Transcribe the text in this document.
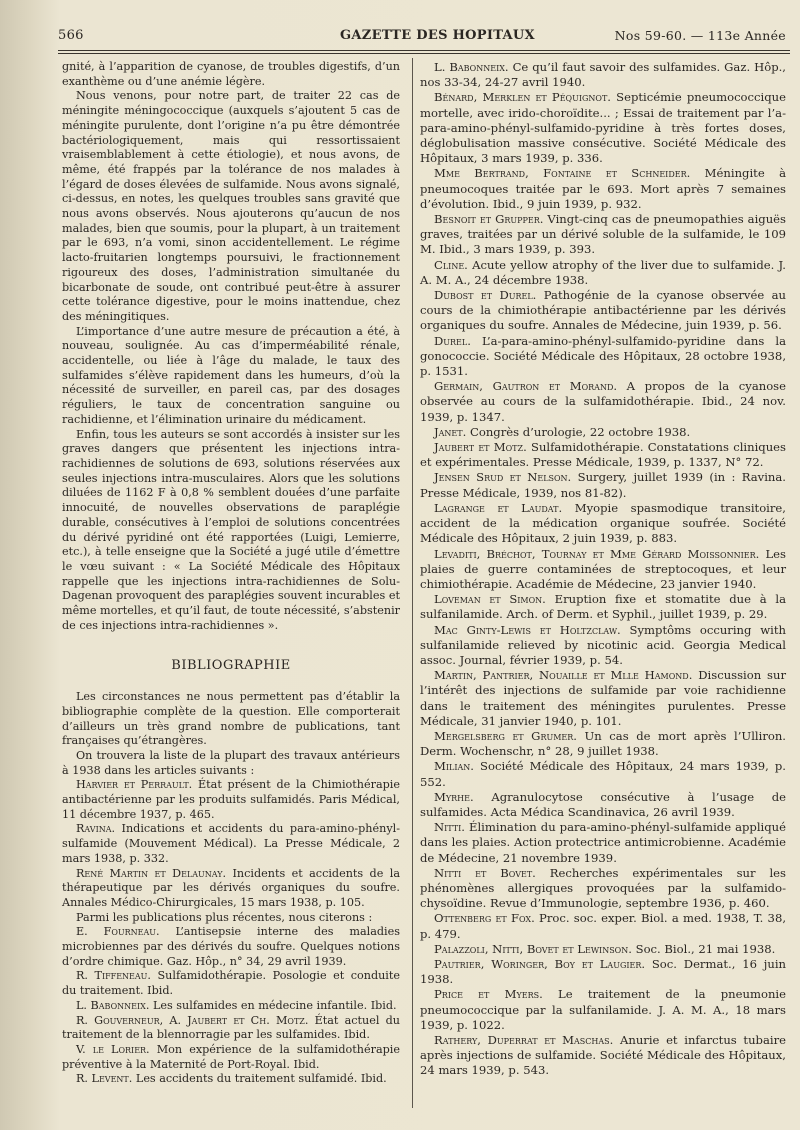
566	GAZETTE DES HOPITAUX	Nos 59-60. — 113e Année

gnité, à l’apparition de cyanose, de troubles digestifs, d’un exanthème ou d’une anémie légère.

Nous venons, pour notre part, de traiter 22 cas de méningite méningococcique (auxquels s’ajoutent 5 cas de méningite purulente, dont l’origine n’a pu être démontrée bactériologiquement, mais qui ressortissaient vraisemblablement à cette étiologie), et nous avons, de même, été frappés par la tolérance de nos malades à l’égard de doses élevées de sulfamide. Nous avons signalé, ci-dessus, en notes, les quelques troubles sans gravité que nous avons observés. Nous ajouterons qu’aucun de nos malades, bien que soumis, pour la plupart, à un traitement par le 693, n’a vomi, sinon accidentellement. Le régime lacto-fruitarien longtemps poursuivi, le fractionnement rigoureux des doses, l’administration simultanée du bicarbonate de soude, ont contribué peut-être à assurer cette tolérance digestive, pour le moins inattendue, chez des méningitiques.

L’importance d’une autre mesure de précaution a été, à nouveau, soulignée. Au cas d’imperméabilité rénale, accidentelle, ou liée à l’âge du malade, le taux des sulfamides s’élève rapidement dans les humeurs, d’où la nécessité de surveiller, en pareil cas, par des dosages réguliers, le taux de concentration sanguine ou rachidienne, et l’élimination urinaire du médicament.

Enfin, tous les auteurs se sont accordés à insister sur les graves dangers que présentent les injections intra-rachidiennes de solutions de 693, solutions réservées aux seules injections intra-musculaires. Alors que les solutions diluées de 1162 F à 0,8 % semblent douées d’une parfaite innocuité, de nouvelles observations de paraplégie durable, consécutives à l’emploi de solutions concentrées du dérivé pyridiné ont été rapportées (Luigi, Lemierre, etc.), à telle enseigne que la Société a jugé utile d’émettre le vœu suivant : « La Société Médicale des Hôpitaux rappelle que les injections intra-rachidiennes de Solu-Dagenan provoquent des paraplégies souvent incurables et même mortelles, et qu’il faut, de toute nécessité, s’abstenir de ces injections intra-rachidiennes ».

BIBLIOGRAPHIE

Les circonstances ne nous permettent pas d’établir la bibliographie complète de la question. Elle comporterait d’ailleurs un très grand nombre de publications, tant françaises qu’étrangères.

On trouvera la liste de la plupart des travaux antérieurs à 1938 dans les articles suivants :

Harvier et Perrault. État présent de la Chimiothérapie antibactérienne par les produits sulfamidés. Paris Médical, 11 décembre 1937, p. 465.

Ravina. Indications et accidents du para-amino-phényl-sulfamide (Mouvement Médical). La Presse Médicale, 2 mars 1938, p. 332.

René Martin et Delaunay. Incidents et accidents de la thérapeutique par les dérivés organiques du soufre. Annales Médico-Chirurgicales, 15 mars 1938, p. 105.

Parmi les publications plus récentes, nous citerons :

E. Fourneau. L’antisepsie interne des maladies microbiennes par des dérivés du soufre. Quelques notions d’ordre chimique. Gaz. Hôp., n° 34, 29 avril 1939.

R. Tiffeneau. Sulfamidothérapie. Posologie et conduite du traitement. Ibid.

L. Babonneix. Les sulfamides en médecine infantile. Ibid.

R. Gouverneur, A. Jaubert et Ch. Motz. État actuel du traitement de la blennorragie par les sulfamides. Ibid.

V. le Lorier. Mon expérience de la sulfamidothérapie préventive à la Maternité de Port-Royal. Ibid.

R. Levent. Les accidents du traitement sulfamidé. Ibid.

L. Babonneix. Ce qu’il faut savoir des sulfamides. Gaz. Hôp., nos 33-34, 24-27 avril 1940.

Bénard, Merklen et Péquignot. Septicémie pneumococcique mortelle, avec irido-choroïdite... ; Essai de traitement par l’a-para-amino-phényl-sulfamido-pyridine à très fortes doses, déglobulisation massive consécutive. Société Médicale des Hôpitaux, 3 mars 1939, p. 336.

Mme Bertrand, Fontaine et Schneider. Méningite à pneumocoques traitée par le 693. Mort après 7 semaines d’évolution. Ibid., 9 juin 1939, p. 932.

Besnoit et Grupper. Vingt-cinq cas de pneumopathies aiguës graves, traitées par un dérivé soluble de la sulfamide, le 109 M. Ibid., 3 mars 1939, p. 393.

Cline. Acute yellow atrophy of the liver due to sulfamide. J. A. M. A., 24 décembre 1938.

Dubost et Durel. Pathogénie de la cyanose observée au cours de la chimiothérapie antibactérienne par les dérivés organiques du soufre. Annales de Médecine, juin 1939, p. 56.

Durel. L’a-para-amino-phényl-sulfamido-pyridine dans la gonococcie. Société Médicale des Hôpitaux, 28 octobre 1938, p. 1531.

Germain, Gautron et Morand. A propos de la cyanose observée au cours de la sulfamidothérapie. Ibid., 24 nov. 1939, p. 1347.

Janet. Congrès d’urologie, 22 octobre 1938.

Jaubert et Motz. Sulfamidothérapie. Constatations cliniques et expérimentales. Presse Médicale, 1939, p. 1337, N° 72.

Jensen Srud et Nelson. Surgery, juillet 1939 (in : Ravina. Presse Médicale, 1939, nos 81-82).

Lagrange et Laudat. Myopie spasmodique transitoire, accident de la médication organique soufrée. Société Médicale des Hôpitaux, 2 juin 1939, p. 883.

Levaditi, Bréchot, Tournay et Mme Gérard Moissonnier. Les plaies de guerre contaminées de streptocoques, et leur chimiothérapie. Académie de Médecine, 23 janvier 1940.

Loveman et Simon. Eruption fixe et stomatite due à la sulfanilamide. Arch. of Derm. et Syphil., juillet 1939, p. 29.

Mac Ginty-Lewis et Holtzclaw. Symptôms occuring with sulfanilamide relieved by nicotinic acid. Georgia Medical assoc. Journal, février 1939, p. 54.

Martin, Pantrier, Nouaille et Mlle Hamond. Discussion sur l’intérêt des injections de sulfamide par voie rachidienne dans le traitement des méningites purulentes. Presse Médicale, 31 janvier 1940, p. 101.

Mergelsberg et Grumer. Un cas de mort après l’Ulliron. Derm. Wochenschr, n° 28, 9 juillet 1938.

Milian. Société Médicale des Hôpitaux, 24 mars 1939, p. 552.

Myrhe. Agranulocytose consécutive à l’usage de sulfamides. Acta Médica Scandinavica, 26 avril 1939.

Nitti. Élimination du para-amino-phényl-sulfamide appliqué dans les plaies. Action protectrice antimicrobienne. Académie de Médecine, 21 novembre 1939.

Nitti et Bovet. Recherches expérimentales sur les phénomènes allergiques provoquées par la sulfamido-chysoïdine. Revue d’Immunologie, septembre 1936, p. 460.

Ottenberg et Fox. Proc. soc. exper. Biol. a med. 1938, T. 38, p. 479.

Palazzoli, Nitti, Bovet et Lewinson. Soc. Biol., 21 mai 1938.

Pautrier, Woringer, Boy et Laugier. Soc. Dermat., 16 juin 1938.

Price et Myers. Le traitement de la pneumonie pneumococcique par la sulfanilamide. J. A. M. A., 18 mars 1939, p. 1022.

Rathery, Duperrat et Maschas. Anurie et infarctus tubaire après injections de sulfamide. Société Médicale des Hôpitaux, 24 mars 1939, p. 543.
